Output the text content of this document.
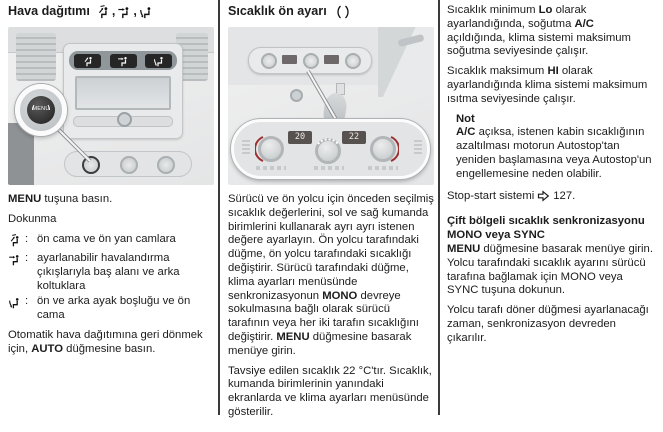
Hava dağıtımı , ,
MENU

MENU tuşuna basın.

Dokunma

: ön cama ve ön yan camlara
: ayarlanabilir havalandırma çıkışlarıyla baş alanı ve arka koltuklara
: ön ve arka ayak boşluğu ve ön cama

Otomatik hava dağıtımına geri dönmek için, AUTO düğmesine basın.

Sıcaklık ön ayarı
20	22

Sürücü ve ön yolcu için önceden seçilmiş sıcaklık değerlerini, sol ve sağ kumanda birimlerini kullanarak ayrı ayrı istenen değere ayarlayın. Ön yolcu tarafındaki düğme, ön yolcu tarafındaki sıcaklığı değiştirir. Sürücü tarafındaki düğme, klima ayarları menüsünde senkronizasyonun MONO devreye sokulmasına bağlı olarak sürücü tarafının veya her iki tarafın sıcaklığını değiştirir. MENU düğmesine basarak menüye girin.

Tavsiye edilen sıcaklık 22 °C'tır. Sıcaklık, kumanda birimlerinin yanındaki ekranlarda ve klima ayarları menüsünde gösterilir.

Sıcaklık minimum Lo olarak ayarlandığında, soğutma A/C açıldığında, klima sistemi maksimum soğutma seviyesinde çalışır.

Sıcaklık maksimum HI olarak ayarlandığında klima sistemi maksimum ısıtma seviyesinde çalışır.

Not
A/C açıksa, istenen kabin sıcaklığının azaltılması motorun Autostop'tan yeniden başlamasına veya Autostop'un engellemesine neden olabilir.
Stop-start sistemi 127.

Çift bölgeli sıcaklık senkronizasyonu
MONO veya SYNC

MENU düğmesine basarak menüye girin. Yolcu tarafındaki sıcaklık ayarını sürücü tarafına bağlamak için MONO veya SYNC tuşuna dokunun.

Yolcu tarafı döner düğmesi ayarlanacağı zaman, senkronizasyon devreden çıkarılır.
